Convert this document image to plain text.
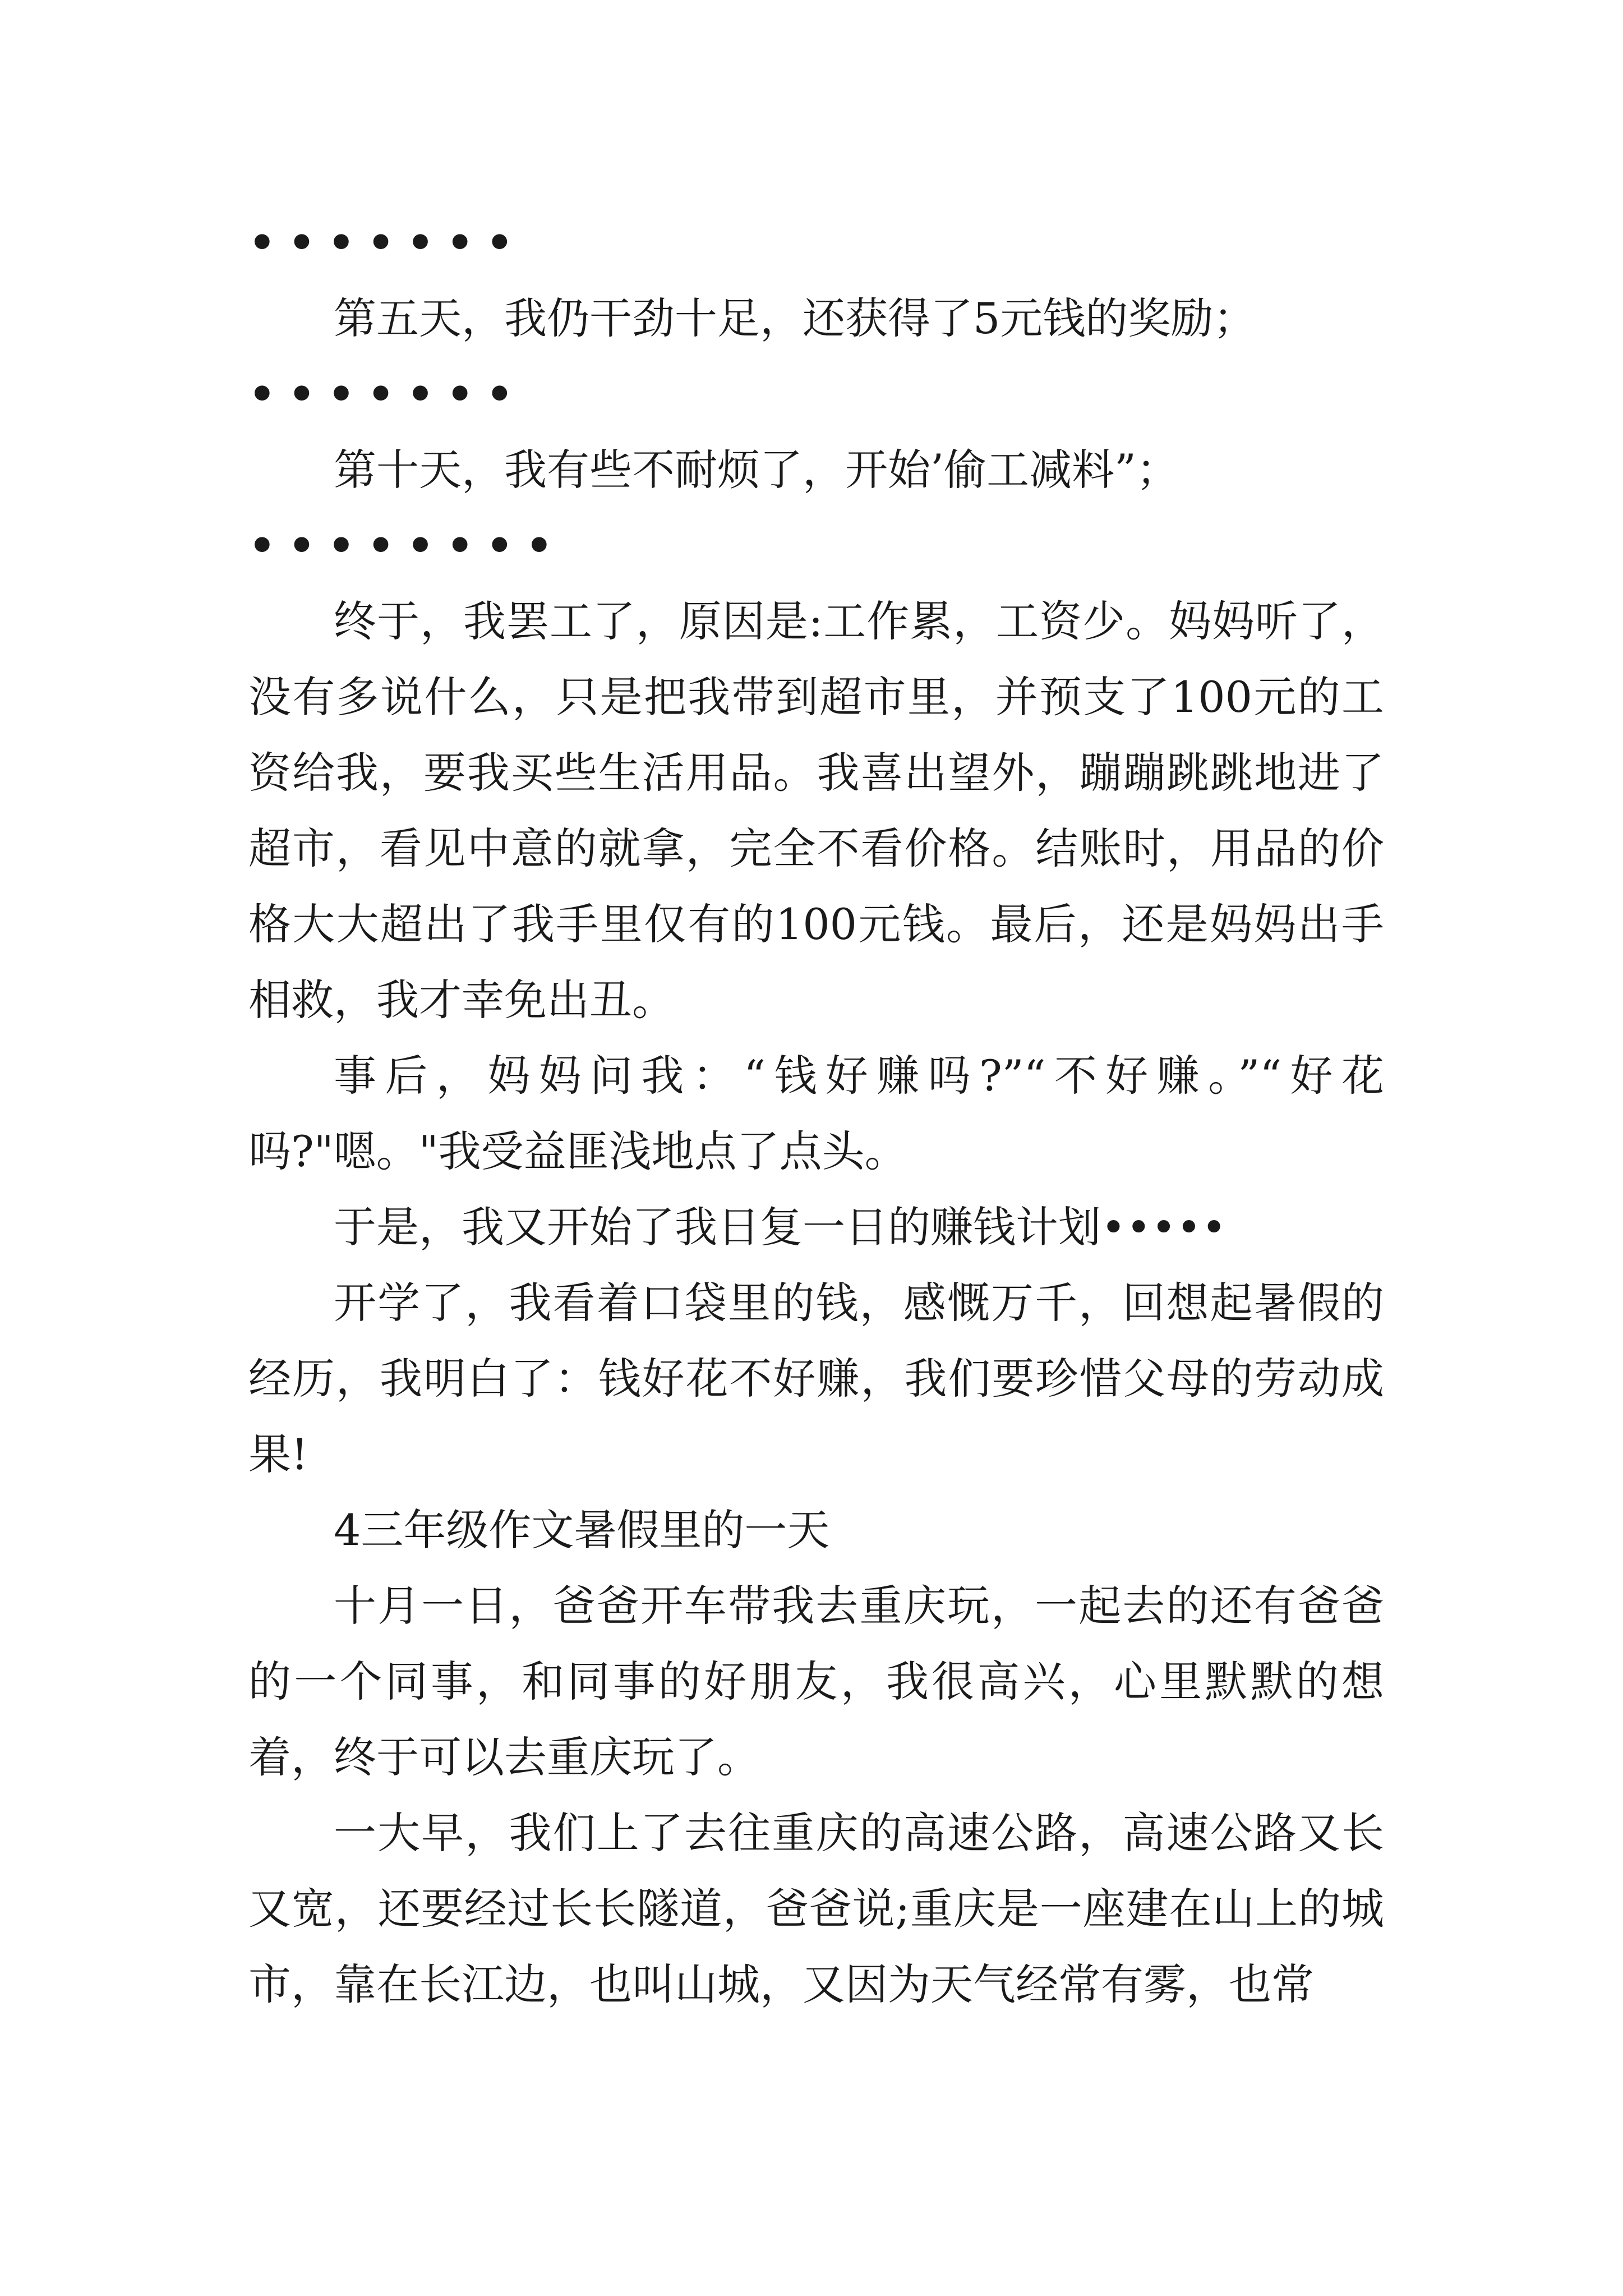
•••••••

第五天，我仍干劲十足，还获得了5元钱的奖励；

•••••••

第十天，我有些不耐烦了，开始’偷工减料”；

••••••••

终于，我罢工了，原因是:工作累，工资少。妈妈听了，没有多说什么，只是把我带到超市里，并预支了100元的工资给我，要我买些生活用品。我喜出望外，蹦蹦跳跳地进了超市，看见中意的就拿，完全不看价格。结账时，用品的价格大大超出了我手里仅有的100元钱。最后，还是妈妈出手相救，我才幸免出丑。

事后，妈妈问我：“钱好赚吗?”“不好赚。”“好花吗?"嗯。"我受益匪浅地点了点头。

于是，我又开始了我日复一日的赚钱计划•••••

开学了，我看着口袋里的钱，感慨万千，回想起暑假的经历，我明白了：钱好花不好赚，我们要珍惜父母的劳动成果!

4三年级作文暑假里的一天

十月一日，爸爸开车带我去重庆玩，一起去的还有爸爸的一个同事，和同事的好朋友，我很高兴，心里默默的想着，终于可以去重庆玩了。

一大早，我们上了去往重庆的高速公路，高速公路又长又宽，还要经过长长隧道，爸爸说;重庆是一座建在山上的城市，靠在长江边，也叫山城，又因为天气经常有雾，也常
